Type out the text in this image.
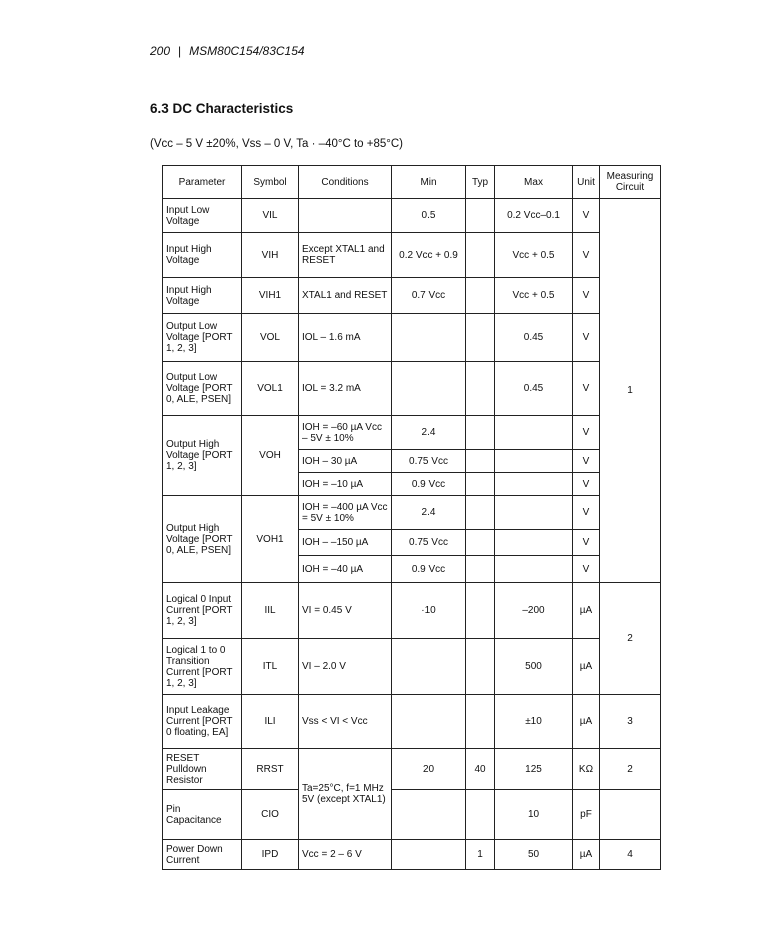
200 | MSM80C154/83C154
6.3 DC Characteristics
(Vcc – 5 V ±20%, Vss – 0 V, Ta · –40°C to +85°C)
Parameter	Symbol	Conditions	Min	Typ	Max	Unit	Measuring Circuit
Input Low Voltage	VIL		0.5		0.2 Vcc–0.1	V	1
Input High Voltage	VIH	Except XTAL1 and RESET	0.2 Vcc + 0.9		Vcc + 0.5	V	
Input High Voltage	VIH1	XTAL1 and RESET	0.7 Vcc		Vcc + 0.5	V	
Output Low Voltage [PORT 1, 2, 3]	VOL	IOL – 1.6 mA			0.45	V	
Output Low Voltage [PORT 0, ALE, PSEN]	VOL1	IOL = 3.2 mA			0.45	V	
Output High Voltage [PORT 1, 2, 3]	VOH	IOH = –60 µA Vcc – 5V ± 10%	2.4			V	
		IOH – 30 µA	0.75 Vcc			V	
		IOH = –10 µA	0.9 Vcc			V	
Output High Voltage [PORT 0, ALE, PSEN]	VOH1	IOH = –400 µA Vcc = 5V ± 10%	2.4			V	
		IOH – –150 µA	0.75 Vcc			V	
		IOH = –40 µA	0.9 Vcc			V	
Logical 0 Input Current [PORT 1, 2, 3]	IIL	VI = 0.45 V	·10		–200	µA	2
Logical 1 to 0 Transition Current [PORT 1, 2, 3]	ITL	VI – 2.0 V			500	µA	
Input Leakage Current [PORT 0 floating, EA]	ILI	Vss < VI < Vcc			±10	µA	3
RESET Pulldown Resistor	RRST	Ta=25°C, f=1 MHz 5V (except XTAL1)	20	40	125	KΩ	2
Pin Capacitance	CIO				10	pF	
Power Down Current	IPD	Vcc = 2 – 6 V		1	50	µA	4
